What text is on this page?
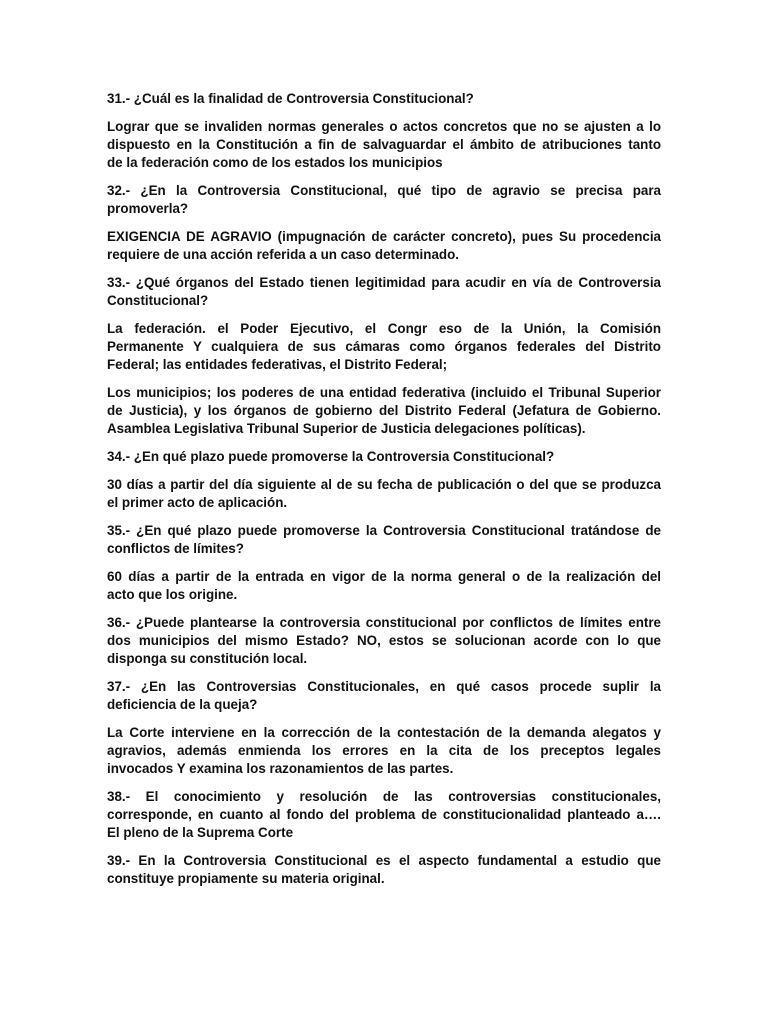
31.- ¿Cuál es la finalidad de Controversia Constitucional?

Lograr que se invaliden normas generales o actos concretos que no se ajusten a lo
dispuesto en la Constitución a fin de salvaguardar el ámbito de atribuciones tanto
de la federación como de los estados los municipios

32.- ¿En la Controversia Constitucional, qué tipo de agravio se precisa para
promoverla?

EXIGENCIA DE AGRAVIO (impugnación de carácter concreto), pues Su procedencia
requiere de una acción referida a un caso determinado.

33.- ¿Qué órganos del Estado tienen legitimidad para acudir en vía de Controversia
Constitucional?

La federación. el Poder Ejecutivo, el Congr eso de la Unión, la Comisión
Permanente Y cualquiera de sus cámaras como órganos federales del Distrito
Federal; las entidades federativas, el Distrito Federal;

Los municipios; los poderes de una entidad federativa (incluido el Tribunal Superior
de Justicia), y los órganos de gobierno del Distrito Federal (Jefatura de Gobierno.
Asamblea Legislativa Tribunal Superior de Justicia delegaciones políticas).

34.- ¿En qué plazo puede promoverse la Controversia Constitucional?

30 días a partir del día siguiente al de su fecha de publicación o del que se produzca
el primer acto de aplicación.

35.- ¿En qué plazo puede promoverse la Controversia Constitucional tratándose de
conflictos de límites?

60 días a partir de la entrada en vigor de la norma general o de la realización del
acto que los origine.

36.- ¿Puede plantearse la controversia constitucional por conflictos de límites entre
dos municipios del mismo Estado? NO, estos se solucionan acorde con lo que
disponga su constitución local.

37.- ¿En las Controversias Constitucionales, en qué casos procede suplir la
deficiencia de la queja?

La Corte interviene en la corrección de la contestación de la demanda alegatos y
agravios, además enmienda los errores en la cita de los preceptos legales
invocados Y examina los razonamientos de las partes.

38.- El conocimiento y resolución de las controversias constitucionales,
corresponde, en cuanto al fondo del problema de constitucionalidad planteado a….
El pleno de la Suprema Corte

39.- En la Controversia Constitucional es el aspecto fundamental a estudio que
constituye propiamente su materia original.
